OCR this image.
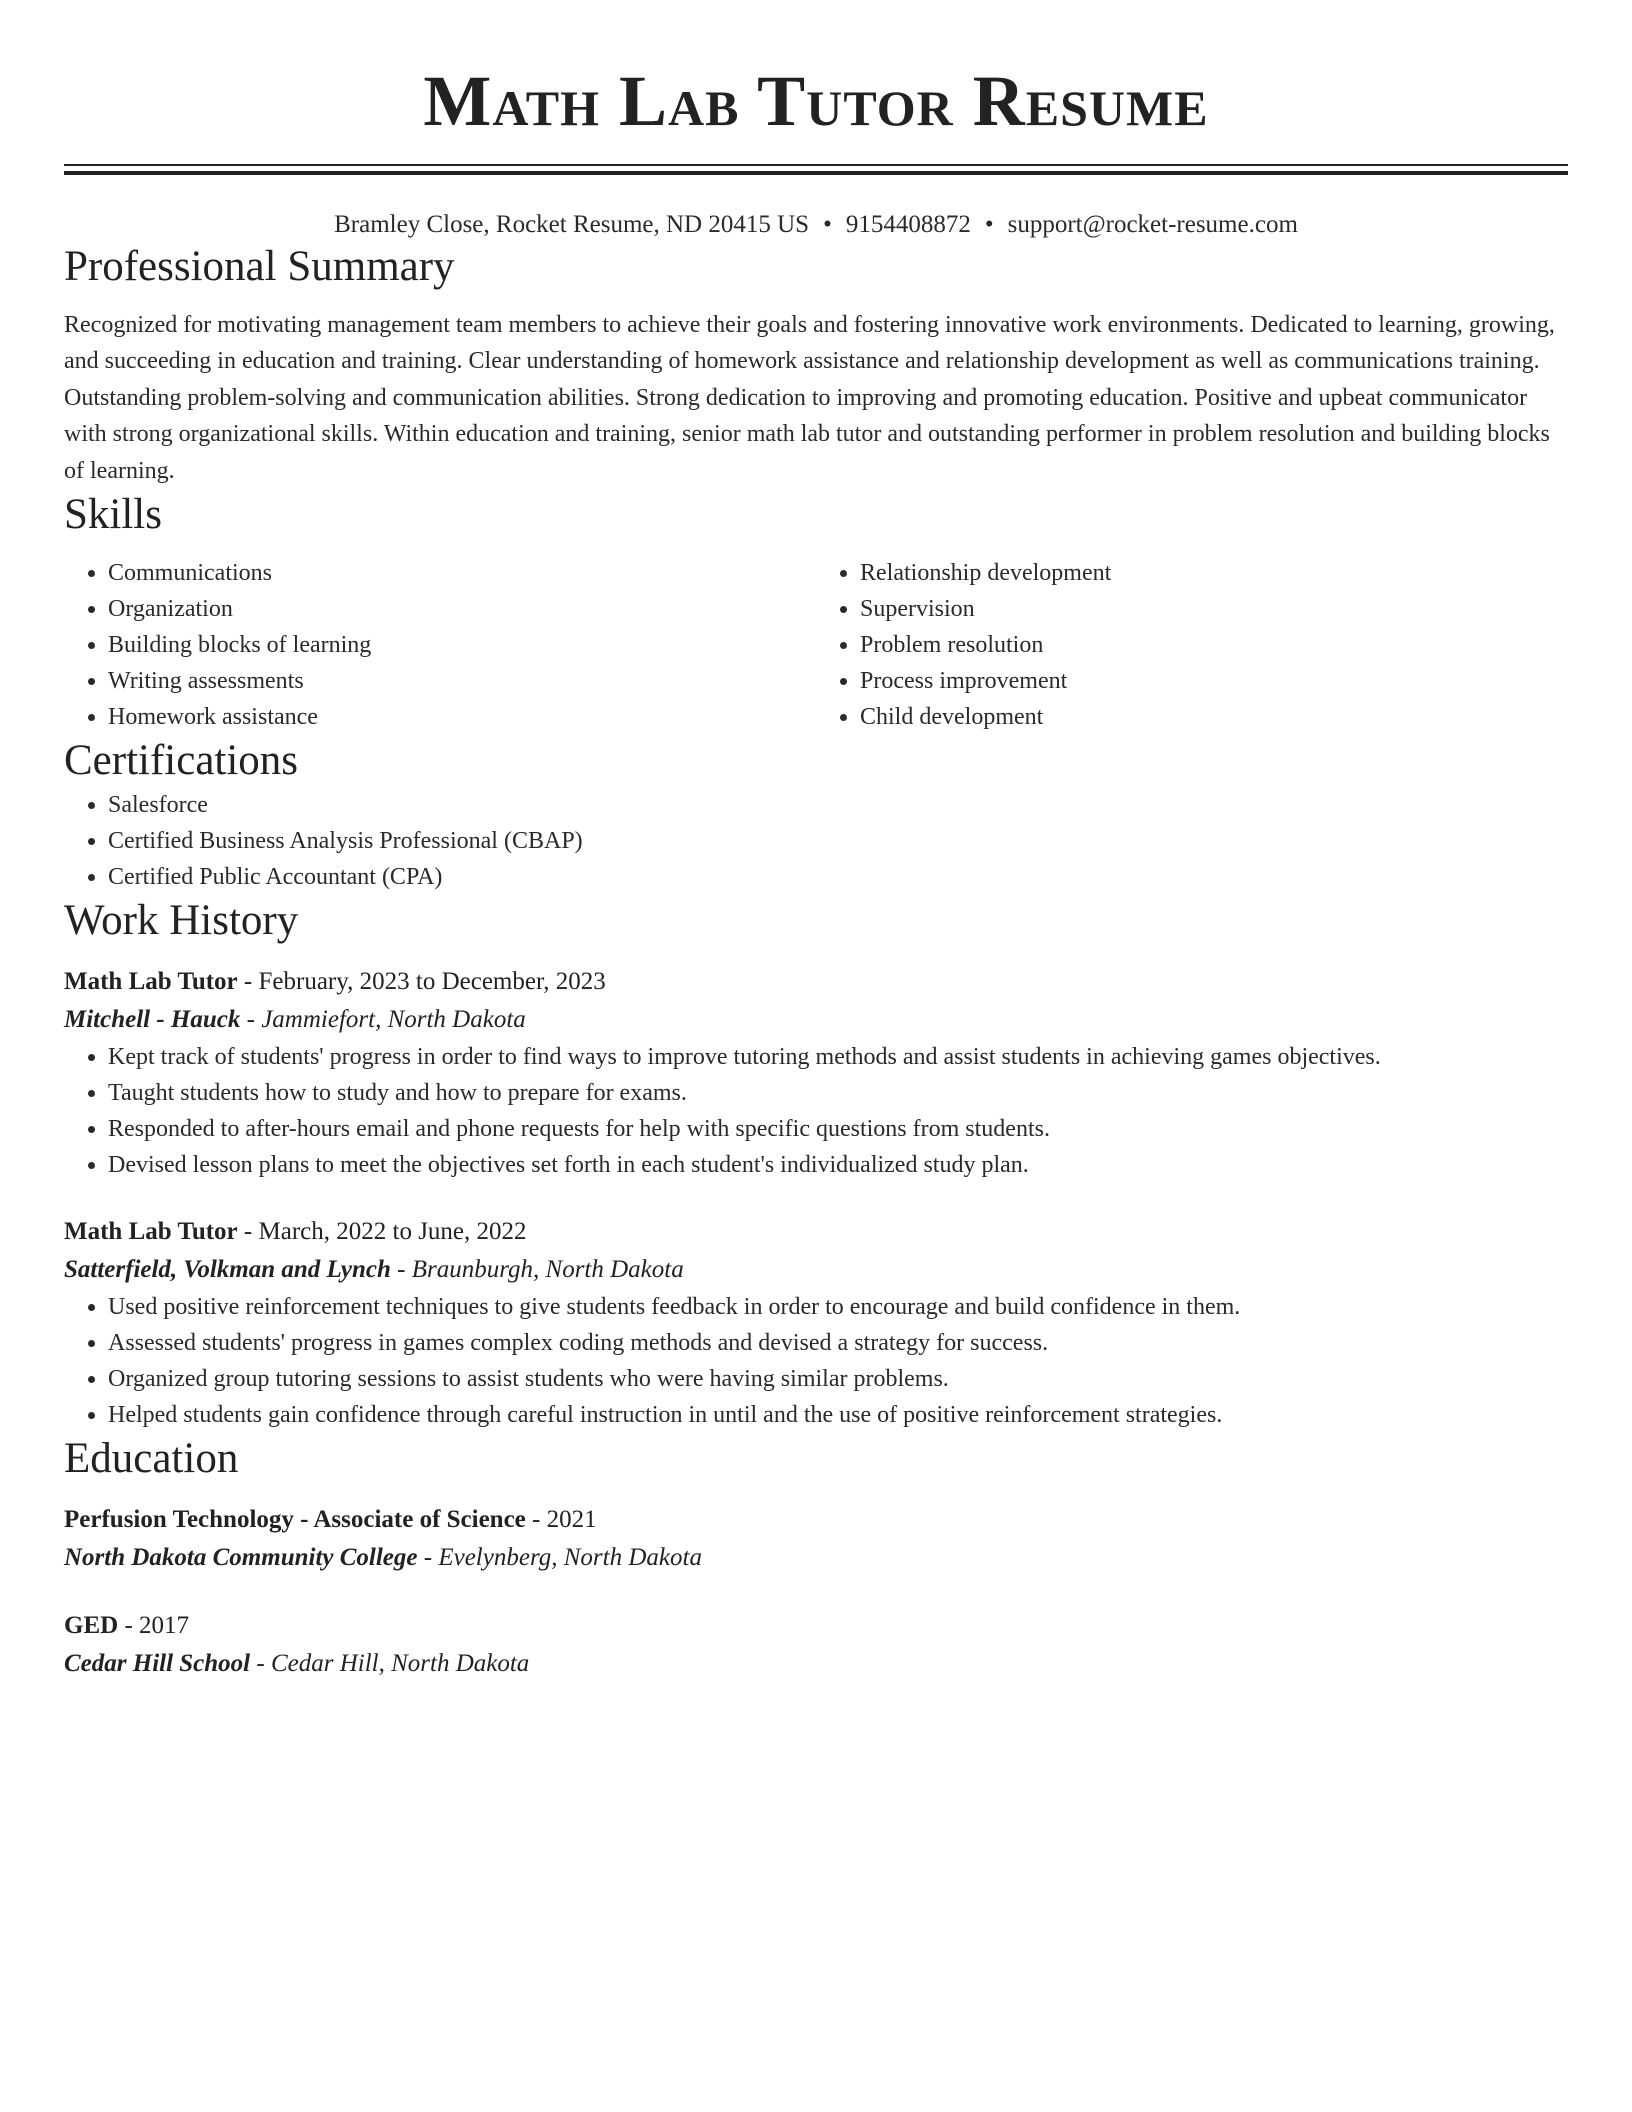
Math Lab Tutor Resume
Bramley Close, Rocket Resume, ND 20415 US • 9154408872 • support@rocket-resume.com
Professional Summary

Recognized for motivating management team members to achieve their goals and fostering innovative work environments. Dedicated to learning, growing, and succeeding in education and training. Clear understanding of homework assistance and relationship development as well as communications training. Outstanding problem-solving and communication abilities. Strong dedication to improving and promoting education. Positive and upbeat communicator with strong organizational skills. Within education and training, senior math lab tutor and outstanding performer in problem resolution and building blocks of learning.

Skills
• Communications
• Organization
• Building blocks of learning
• Writing assessments
• Homework assistance
• Relationship development
• Supervision
• Problem resolution
• Process improvement
• Child development
Certifications
• Salesforce
• Certified Business Analysis Professional (CBAP)
• Certified Public Accountant (CPA)
Work History
Math Lab Tutor - February, 2023 to December, 2023
Mitchell - Hauck - Jammiefort, North Dakota
• Kept track of students' progress in order to find ways to improve tutoring methods and assist students in achieving games objectives.
• Taught students how to study and how to prepare for exams.
• Responded to after-hours email and phone requests for help with specific questions from students.
• Devised lesson plans to meet the objectives set forth in each student's individualized study plan.
Math Lab Tutor - March, 2022 to June, 2022
Satterfield, Volkman and Lynch - Braunburgh, North Dakota
• Used positive reinforcement techniques to give students feedback in order to encourage and build confidence in them.
• Assessed students' progress in games complex coding methods and devised a strategy for success.
• Organized group tutoring sessions to assist students who were having similar problems.
• Helped students gain confidence through careful instruction in until and the use of positive reinforcement strategies.
Education
Perfusion Technology - Associate of Science - 2021
North Dakota Community College - Evelynberg, North Dakota
GED - 2017
Cedar Hill School - Cedar Hill, North Dakota
